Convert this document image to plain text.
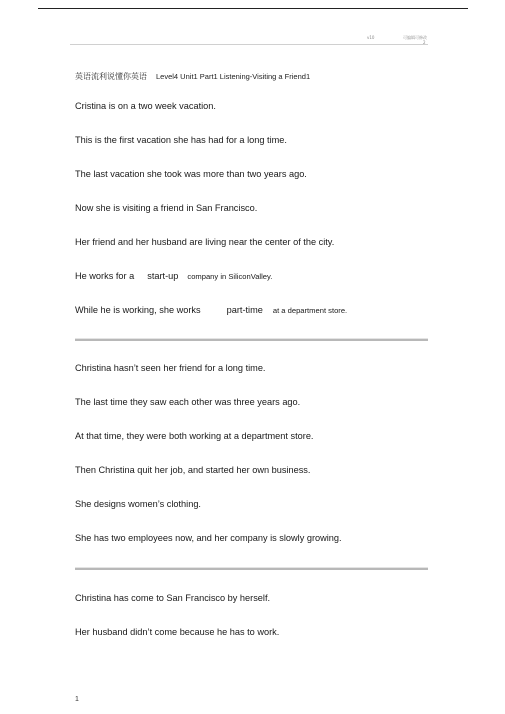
v10	可编辑可修改
2
英语流利说懂你英语 Level4 Unit1 Part1 Listening-Visiting a Friend1
Cristina is on a two week vacation.
This is the first vacation she has had for a long time.
The last vacation she took was more than two years ago.
Now she is visiting a friend in San Francisco.
Her friend and her husband are living near the center of the city.
He works for a start-up company in SiliconValley.
While he is working, she works	part-time at a department store.
Christina hasn’t seen her friend for a long time.
The last time they saw each other was three years ago.
At that time, they were both working at a department store.
Then Christina quit her job, and started her own business.
She designs women’s clothing.
She has two employees now, and her company is slowly growing.
Christina has come to San Francisco by herself.
Her husband didn’t come because he has to work.
1
